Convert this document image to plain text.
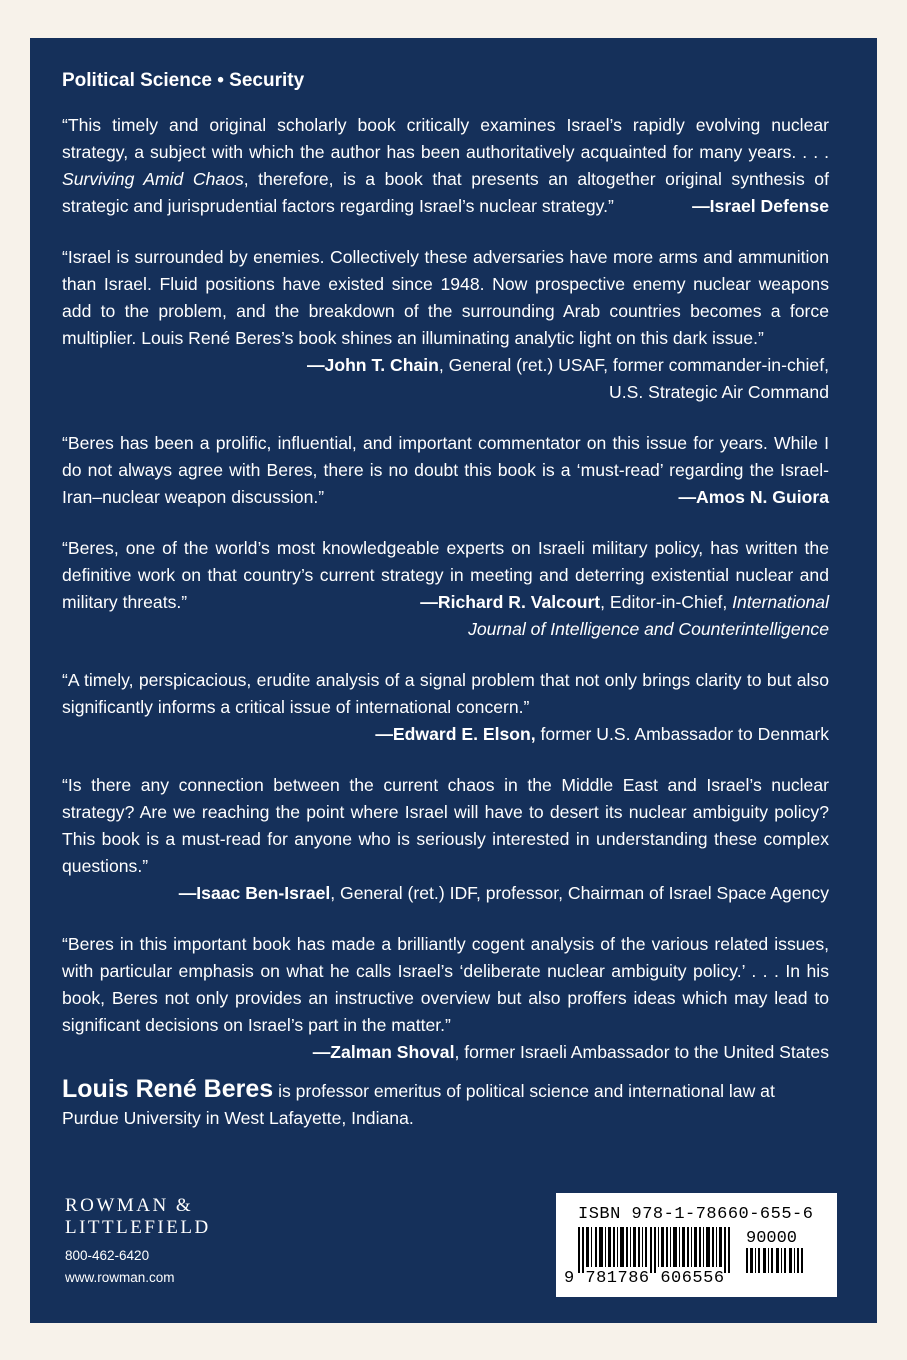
Political Science • Security

“This timely and original scholarly book critically examines Israel’s rapidly evolving nuclear strategy, a subject with which the author has been authoritatively acquainted for many years. . . . Surviving Amid Chaos, therefore, is a book that presents an altogether original synthesis of strategic and jurisprudential factors regarding Israel’s nuclear strategy.”	—Israel Defense

“Israel is surrounded by enemies. Collectively these adversaries have more arms and ammunition than Israel. Fluid positions have existed since 1948. Now prospective enemy nuclear weapons add to the problem, and the breakdown of the surrounding Arab countries becomes a force multiplier. Louis René Beres’s book shines an illuminating analytic light on this dark issue.”

—John T. Chain, General (ret.) USAF, former commander-in-chief,
U.S. Strategic Air Command

“Beres has been a prolific, influential, and important commentator on this issue for years. While I do not always agree with Beres, there is no doubt this book is a ‘must-read’ regarding the Israel-Iran–nuclear weapon discussion.”	—Amos N. Guiora

“Beres, one of the world’s most knowledgeable experts on Israeli military policy, has written the definitive work on that country’s current strategy in meeting and deterring existential nuclear and military threats.”	—Richard R. Valcourt, Editor-in-Chief, International

Journal of Intelligence and Counterintelligence

“A timely, perspicacious, erudite analysis of a signal problem that not only brings clarity to but also significantly informs a critical issue of international concern.”

—Edward E. Elson, former U.S. Ambassador to Denmark

“Is there any connection between the current chaos in the Middle East and Israel’s nuclear strategy? Are we reaching the point where Israel will have to desert its nuclear ambiguity policy? This book is a must-read for anyone who is seriously interested in understanding these complex questions.”

—Isaac Ben-Israel, General (ret.) IDF, professor, Chairman of Israel Space Agency

“Beres in this important book has made a brilliantly cogent analysis of the various related issues, with particular emphasis on what he calls Israel’s ‘deliberate nuclear ambiguity policy.’ . . . In his book, Beres not only provides an instructive overview but also proffers ideas which may lead to significant decisions on Israel’s part in the matter.”

—Zalman Shoval, former Israeli Ambassador to the United States
Louis René Beres is professor emeritus of political science and international law at Purdue University in West Lafayette, Indiana.
ROWMAN &
LITTLEFIELD
800-462-6420
www.rowman.com
ISBN 978-1-78660-655-6
90000
9 781786 606556
